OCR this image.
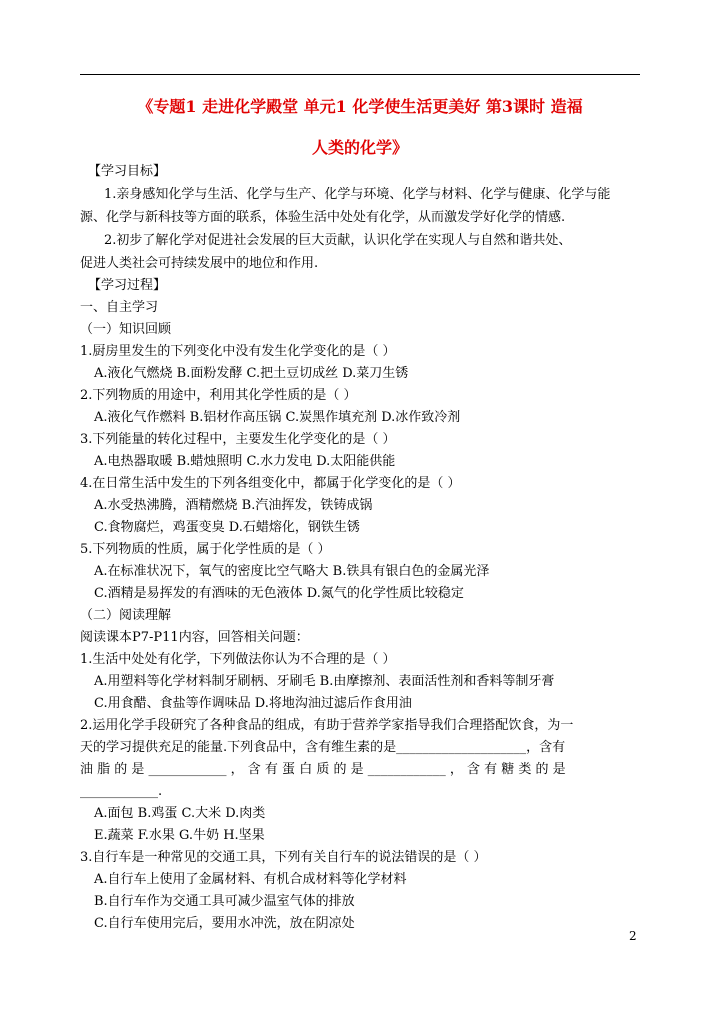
《专题1 走进化学殿堂 单元1 化学使生活更美好 第3课时 造福
人类的化学》
【学习目标】
1.亲身感知化学与生活、化学与生产、化学与环境、化学与材料、化学与健康、化学与能
源、化学与新科技等方面的联系，体验生活中处处有化学，从而激发学好化学的情感.
2.初步了解化学对促进社会发展的巨大贡献，认识化学在实现人与自然和谐共处、
促进人类社会可持续发展中的地位和作用.
【学习过程】
一、自主学习
（一）知识回顾
1.厨房里发生的下列变化中没有发生化学变化的是（ ）
A.液化气燃烧 B.面粉发酵 C.把土豆切成丝 D.菜刀生锈
2.下列物质的用途中，利用其化学性质的是（ ）
A.液化气作燃料 B.铝材作高压锅 C.炭黑作填充剂 D.冰作致冷剂
3.下列能量的转化过程中，主要发生化学变化的是（ ）
A.电热器取暖 B.蜡烛照明 C.水力发电 D.太阳能供能
4.在日常生活中发生的下列各组变化中，都属于化学变化的是（ ）
A.水受热沸腾，酒精燃烧 B.汽油挥发，铁铸成锅
C.食物腐烂，鸡蛋变臭 D.石蜡熔化，钢铁生锈
5.下列物质的性质，属于化学性质的是（ ）
A.在标准状况下，氧气的密度比空气略大 B.铁具有银白色的金属光泽
C.酒精是易挥发的有酒味的无色液体 D.氮气的化学性质比较稳定
（二）阅读理解
阅读课本P7-P11内容，回答相关问题：
1.生活中处处有化学，下列做法你认为不合理的是（ ）
A.用塑料等化学材料制牙刷柄、牙刷毛 B.由摩擦剂、表面活性剂和香料等制牙膏
C.用食醋、食盐等作调味品 D.将地沟油过滤后作食用油
2.运用化学手段研究了各种食品的组成，有助于营养学家指导我们合理搭配饮食，为一
天的学习提供充足的能量.下列食品中，含有维生素的是____________________，含有
油 脂 的 是 ____________ ， 含 有 蛋 白 质 的 是 ____________ ， 含 有 糖 类 的 是
____________.
A.面包 B.鸡蛋 C.大米 D.肉类
E.蔬菜 F.水果 G.牛奶 H.坚果
3.自行车是一种常见的交通工具，下列有关自行车的说法错误的是（ ）
A.自行车上使用了金属材料、有机合成材料等化学材料
B.自行车作为交通工具可减少温室气体的排放
C.自行车使用完后，要用水冲洗，放在阴凉处
2
